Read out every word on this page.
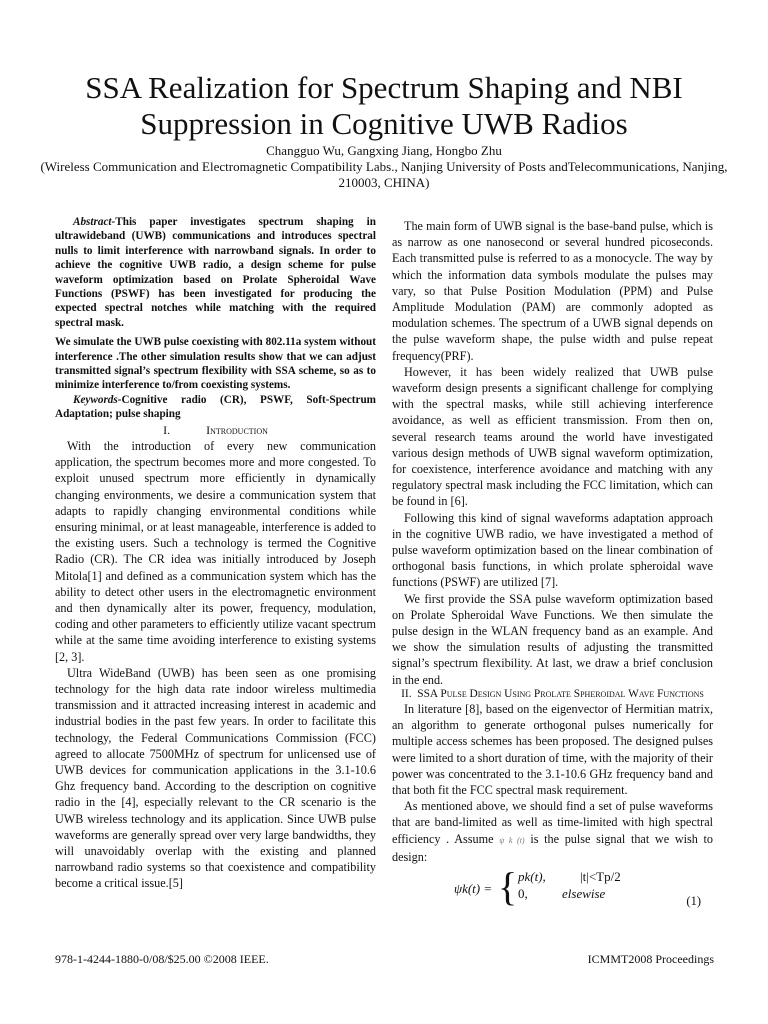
SSA Realization for Spectrum Shaping and NBI Suppression in Cognitive UWB Radios
Changguo Wu, Gangxing Jiang, Hongbo Zhu
(Wireless Communication and Electromagnetic Compatibility Labs., Nanjing University of Posts andTelecommunications, Nanjing, 210003, CHINA)

Abstract-This paper investigates spectrum shaping in ultrawideband (UWB) communications and introduces spectral nulls to limit interference with narrowband signals. In order to achieve the cognitive UWB radio, a design scheme for pulse waveform optimization based on Prolate Spheroidal Wave Functions (PSWF) has been investigated for producing the expected spectral notches while matching with the required spectral mask.

We simulate the UWB pulse coexisting with 802.11a system without interference .The other simulation results show that we can adjust transmitted signal’s spectrum flexibility with SSA scheme, so as to minimize interference to/from coexisting systems.

Keywords-Cognitive radio (CR), PSWF, Soft-Spectrum Adaptation; pulse shaping

I.	Introduction

With the introduction of every new communication application, the spectrum becomes more and more congested. To exploit unused spectrum more efficiently in dynamically changing environments, we desire a communication system that adapts to rapidly changing environmental conditions while ensuring minimal, or at least manageable, interference is added to the existing users. Such a technology is termed the Cognitive Radio (CR). The CR idea was initially introduced by Joseph Mitola[1] and defined as a communication system which has the ability to detect other users in the electromagnetic environment and then dynamically alter its power, frequency, modulation, coding and other parameters to efficiently utilize vacant spectrum while at the same time avoiding interference to existing systems [2, 3].

Ultra WideBand (UWB) has been seen as one promising technology for the high data rate indoor wireless multimedia transmission and it attracted increasing interest in academic and industrial bodies in the past few years. In order to facilitate this technology, the Federal Communications Commission (FCC) agreed to allocate 7500MHz of spectrum for unlicensed use of UWB devices for communication applications in the 3.1-10.6 Ghz frequency band. According to the description on cognitive radio in the [4], especially relevant to the CR scenario is the UWB wireless technology and its application. Since UWB pulse waveforms are generally spread over very large bandwidths, they will unavoidably overlap with the existing and planned narrowband radio systems so that coexistence and compatibility become a critical issue.[5]

The main form of UWB signal is the base-band pulse, which is as narrow as one nanosecond or several hundred picoseconds. Each transmitted pulse is referred to as a monocycle. The way by which the information data symbols modulate the pulses may vary, so that Pulse Position Modulation (PPM) and Pulse Amplitude Modulation (PAM) are commonly adopted as modulation schemes. The spectrum of a UWB signal depends on the pulse waveform shape, the pulse width and pulse repeat frequency(PRF).

However, it has been widely realized that UWB pulse waveform design presents a significant challenge for complying with the spectral masks, while still achieving interference avoidance, as well as efficient transmission. From then on, several research teams around the world have investigated various design methods of UWB signal waveform optimization, for coexistence, interference avoidance and matching with any regulatory spectral mask including the FCC limitation, which can be found in [6].

Following this kind of signal waveforms adaptation approach in the cognitive UWB radio, we have investigated a method of pulse waveform optimization based on the linear combination of orthogonal basis functions, in which prolate spheroidal wave functions (PSWF) are utilized [7].

We first provide the SSA pulse waveform optimization based on Prolate Spheroidal Wave Functions. We then simulate the pulse design in the WLAN frequency band as an example. And we show the simulation results of adjusting the transmitted signal’s spectrum flexibility. At last, we draw a brief conclusion in the end.

II. SSA Pulse Design Using Prolate Spheroidal Wave Functions

In literature [8], based on the eigenvector of Hermitian matrix, an algorithm to generate orthogonal pulses numerically for multiple access schemes has been proposed. The designed pulses were limited to a short duration of time, with the majority of their power was concentrated to the 3.1-10.6 GHz frequency band and that both fit the FCC spectral mask requirement.

As mentioned above, we should find a set of pulse waveforms that are band-limited as well as time-limited with high spectral efficiency . Assume ψ k (t) is the pulse signal that we wish to design:

ψk(t) = { pk(t),	|t|<Tp/2
0,	elsewise	(1)
978-1-4244-1880-0/08/$25.00 ©2008 IEEE.	ICMMT2008 Proceedings
